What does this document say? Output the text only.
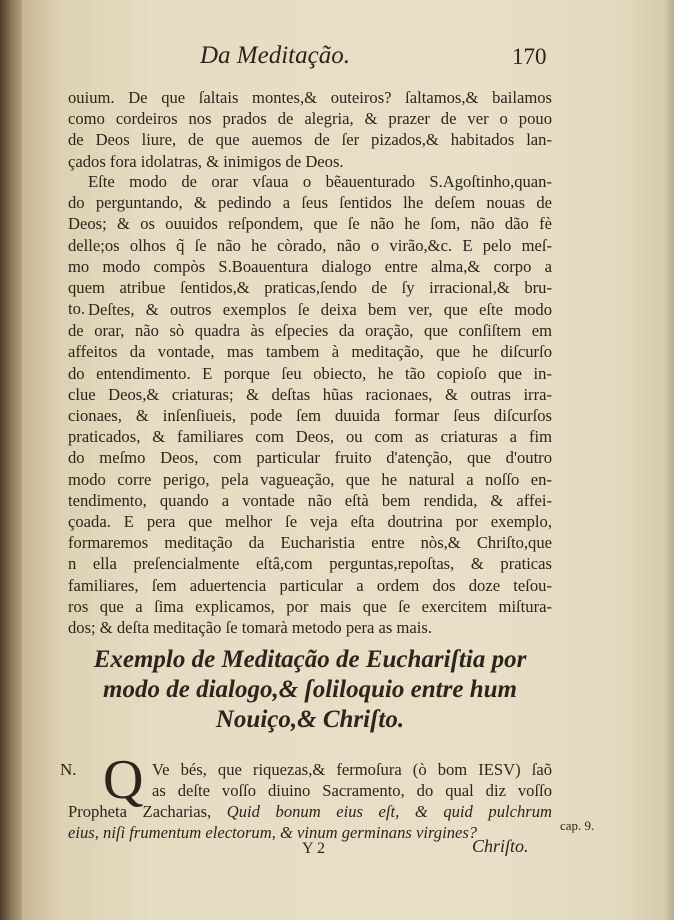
Da Meditação.	170
ouium. De que ſaltais montes,& outeiros? ſaltamos,& bailamos
como cordeiros nos prados de alegria, & prazer de ver o pouo
de Deos liure, de que auemos de ſer pizados,& habitados lan-
çados fora idolatras, & inimigos de Deos.
Eſte modo de orar vſaua o bẽauenturado S.Agoſtinho,quan-
do perguntando, & pedindo a ſeus ſentidos lhe deſem nouas de
Deos; & os ouuidos reſpondem, que ſe não he ſom, não dão fè
delle;os olhos q̃ ſe não he còrado, não o virão,&c. E pelo meſ-
mo modo compòs S.Boauentura dialogo entre alma,& corpo a
quem atribue ſentidos,& praticas,ſendo de ſy irracional,& bru-
to. Deſtes, & outros exemplos ſe deixa bem ver, que eſte modo
de orar, não sò quadra às eſpecies da oração, que conſiſtem em
affeitos da vontade, mas tambem à meditação, que he diſcurſo
do entendimento. E porque ſeu obiecto, he tão copioſo que in-
clue Deos,& criaturas; & deſtas hũas racionaes, & outras irra-
cionaes, & inſenſiueis, pode ſem duuida formar ſeus diſcurſos
praticados, & familiares com Deos, ou com as criaturas a fim
do meſmo Deos, com particular fruito d'atenção, que d'outro
modo corre perigo, pela vagueação, que he natural a noſſo en-
tendimento, quando a vontade não eſtà bem rendida, & affei-
çoada. E pera que melhor ſe veja eſta doutrina por exemplo,
formaremos meditação da Eucharistia entre nòs,& Chriſto,que
n ella preſencialmente eſtâ,com perguntas,repoſtas, & praticas
familiares, ſem aduertencia particular a ordem dos doze teſou-
ros que a ſima explicamos, por mais que ſe exercitem miſtura-
dos; & deſta meditação ſe tomarà metodo pera as mais.
Exemplo de Meditação de Euchariſtia por
modo de dialogo,& ſoliloquio entre hum
Nouiço,& Chriſto.
N. Q Ve bés, que riquezas,& fermoſura (ò bom IESV) ſaõ
as deſte voſſo diuino Sacramento, do qual diz voſſo
Propheta Zacharias, Quid bonum eius eſt, & quid pulchrum
eius, niſi frumentum electorum, & vinum germinans virgines?	cap. 9.
Y 2	Chriſto.
